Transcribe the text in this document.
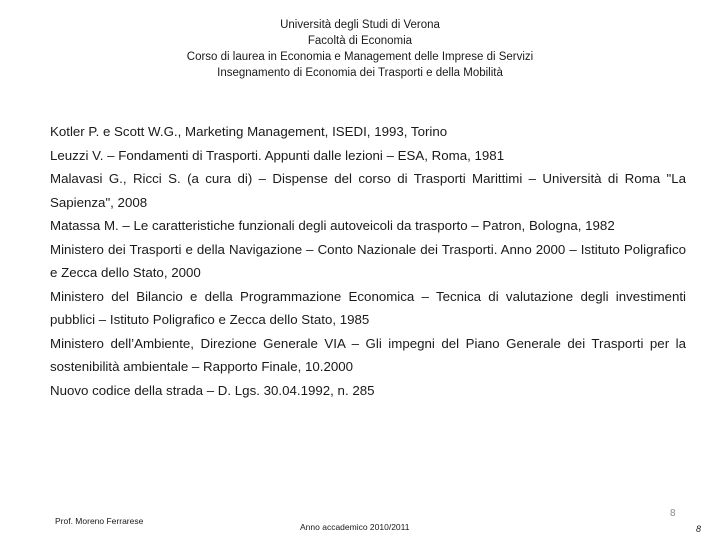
Università degli Studi di Verona
Facoltà di Economia
Corso di laurea in Economia e Management delle Imprese di Servizi
Insegnamento di Economia dei Trasporti e della Mobilità

Kotler P. e Scott W.G., Marketing Management, ISEDI, 1993, Torino

Leuzzi V. – Fondamenti di Trasporti. Appunti dalle lezioni – ESA, Roma, 1981

Malavasi G., Ricci S. (a cura di) – Dispense del corso di Trasporti Marittimi – Università di Roma "La Sapienza", 2008

Matassa M. – Le caratteristiche funzionali degli autoveicoli da trasporto – Patron, Bologna, 1982

Ministero dei Trasporti e della Navigazione – Conto Nazionale dei Trasporti. Anno 2000 – Istituto Poligrafico e Zecca dello Stato, 2000

Ministero del Bilancio e della Programmazione Economica – Tecnica di valutazione degli investimenti pubblici – Istituto Poligrafico e Zecca dello Stato, 1985

Ministero dell’Ambiente, Direzione Generale VIA – Gli impegni del Piano Generale dei Trasporti per la sostenibilità ambientale – Rapporto Finale, 10.2000

Nuovo codice della strada – D. Lgs. 30.04.1992, n. 285

Prof. Moreno Ferrarese
Anno accademico 2010/2011
8
8
